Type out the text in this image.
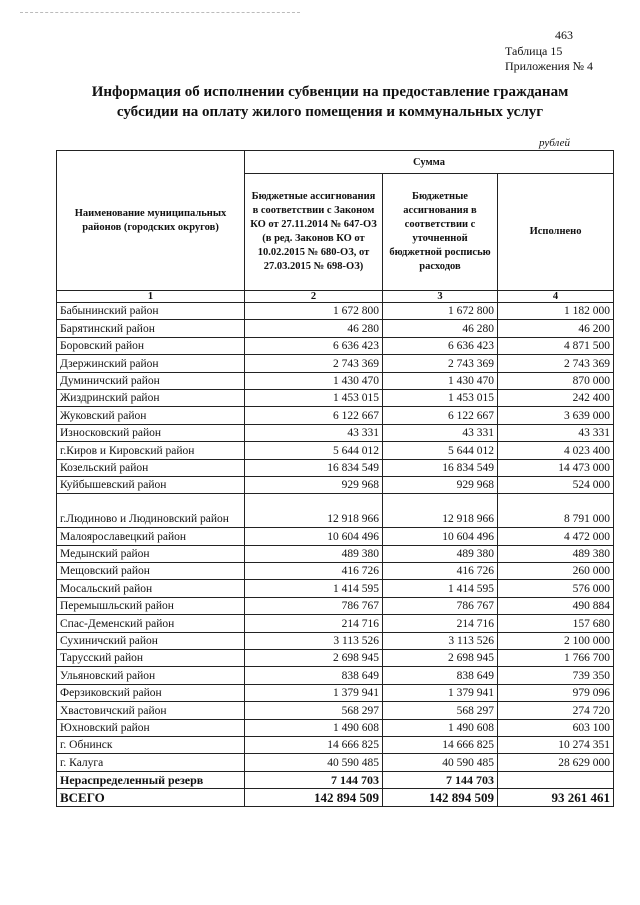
463
Таблица 15
Приложения № 4
Информация об исполнении субвенции на предоставление гражданам субсидии на оплату жилого помещения и коммунальных услуг
рублей
Наименование муниципальных районов (городских округов)	Сумма		
	Бюджетные ассигнования в соответствии с Законом КО от 27.11.2014 № 647-ОЗ (в ред. Законов КО от 10.02.2015 № 680-ОЗ, от 27.03.2015 № 698-ОЗ)	Бюджетные ассигнования в соответствии с уточненной бюджетной росписью расходов	Исполнено
1	2	3	4
Бабынинский район	1 672 800	1 672 800	1 182 000
Барятинский район	46 280	46 280	46 200
Боровский район	6 636 423	6 636 423	4 871 500
Дзержинский район	2 743 369	2 743 369	2 743 369
Думиничский район	1 430 470	1 430 470	870 000
Жиздринский район	1 453 015	1 453 015	242 400
Жуковский район	6 122 667	6 122 667	3 639 000
Износковский район	43 331	43 331	43 331
г.Киров и Кировский район	5 644 012	5 644 012	4 023 400
Козельский район	16 834 549	16 834 549	14 473 000
Куйбышевский район	929 968	929 968	524 000
г.Людиново и Людиновский район	12 918 966	12 918 966	8 791 000
Малоярославецкий район	10 604 496	10 604 496	4 472 000
Медынский район	489 380	489 380	489 380
Мещовский район	416 726	416 726	260 000
Мосальский район	1 414 595	1 414 595	576 000
Перемышльский район	786 767	786 767	490 884
Спас-Деменский район	214 716	214 716	157 680
Сухиничский район	3 113 526	3 113 526	2 100 000
Тарусский район	2 698 945	2 698 945	1 766 700
Ульяновский район	838 649	838 649	739 350
Ферзиковский район	1 379 941	1 379 941	979 096
Хвастовичский район	568 297	568 297	274 720
Юхновский район	1 490 608	1 490 608	603 100
г. Обнинск	14 666 825	14 666 825	10 274 351
г. Калуга	40 590 485	40 590 485	28 629 000
Нераспределенный резерв	7 144 703	7 144 703	
ВСЕГО	142 894 509	142 894 509	93 261 461
